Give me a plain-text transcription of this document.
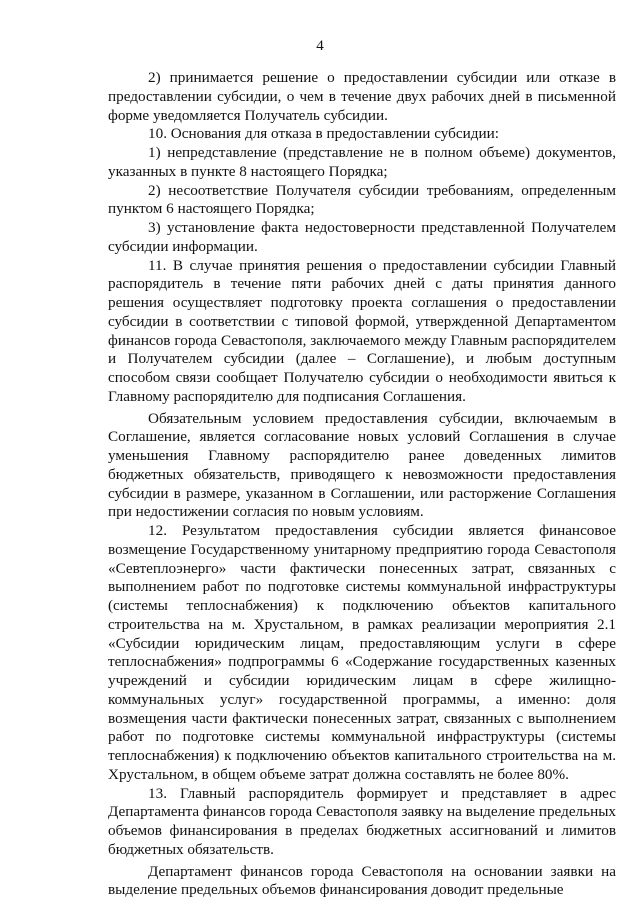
4

2) принимается решение о предоставлении субсидии или отказе в предоставлении субсидии, о чем в течение двух рабочих дней в письменной форме уведомляется Получатель субсидии.

10. Основания для отказа в предоставлении субсидии:

1) непредставление (представление не в полном объеме) документов, указанных в пункте 8 настоящего Порядка;

2) несоответствие Получателя субсидии требованиям, определенным пунктом 6 настоящего Порядка;

3) установление факта недостоверности представленной Получателем субсидии информации.

11. В случае принятия решения о предоставлении субсидии Главный распорядитель в течение пяти рабочих дней с даты принятия данного решения осуществляет подготовку проекта соглашения о предоставлении субсидии в соответствии с типовой формой, утвержденной Департаментом финансов города Севастополя, заключаемого между Главным распорядителем и Получателем субсидии (далее – Соглашение), и любым доступным способом связи сообщает Получателю субсидии о необходимости явиться к Главному распорядителю для подписания Соглашения.

Обязательным условием предоставления субсидии, включаемым в Соглашение, является согласование новых условий Соглашения в случае уменьшения Главному распорядителю ранее доведенных лимитов бюджетных обязательств, приводящего к невозможности предоставления субсидии в размере, указанном в Соглашении, или расторжение Соглашения при недостижении согласия по новым условиям.

12. Результатом предоставления субсидии является финансовое возмещение Государственному унитарному предприятию города Севастополя «Севтеплоэнерго» части фактически понесенных затрат, связанных с выполнением работ по подготовке системы коммунальной инфраструктуры (системы теплоснабжения) к подключению объектов капитального строительства на м. Хрустальном, в рамках реализации мероприятия 2.1 «Субсидии юридическим лицам, предоставляющим услуги в сфере теплоснабжения» подпрограммы 6 «Содержание государственных казенных учреждений и субсидии юридическим лицам в сфере жилищно-коммунальных услуг» государственной программы, а именно: доля возмещения части фактически понесенных затрат, связанных с выполнением работ по подготовке системы коммунальной инфраструктуры (системы теплоснабжения) к подключению объектов капитального строительства на м. Хрустальном, в общем объеме затрат должна составлять не более 80%.

13. Главный распорядитель формирует и представляет в адрес Департамента финансов города Севастополя заявку на выделение предельных объемов финансирования в пределах бюджетных ассигнований и лимитов бюджетных обязательств.

Департамент финансов города Севастополя на основании заявки на выделение предельных объемов финансирования доводит предельные
